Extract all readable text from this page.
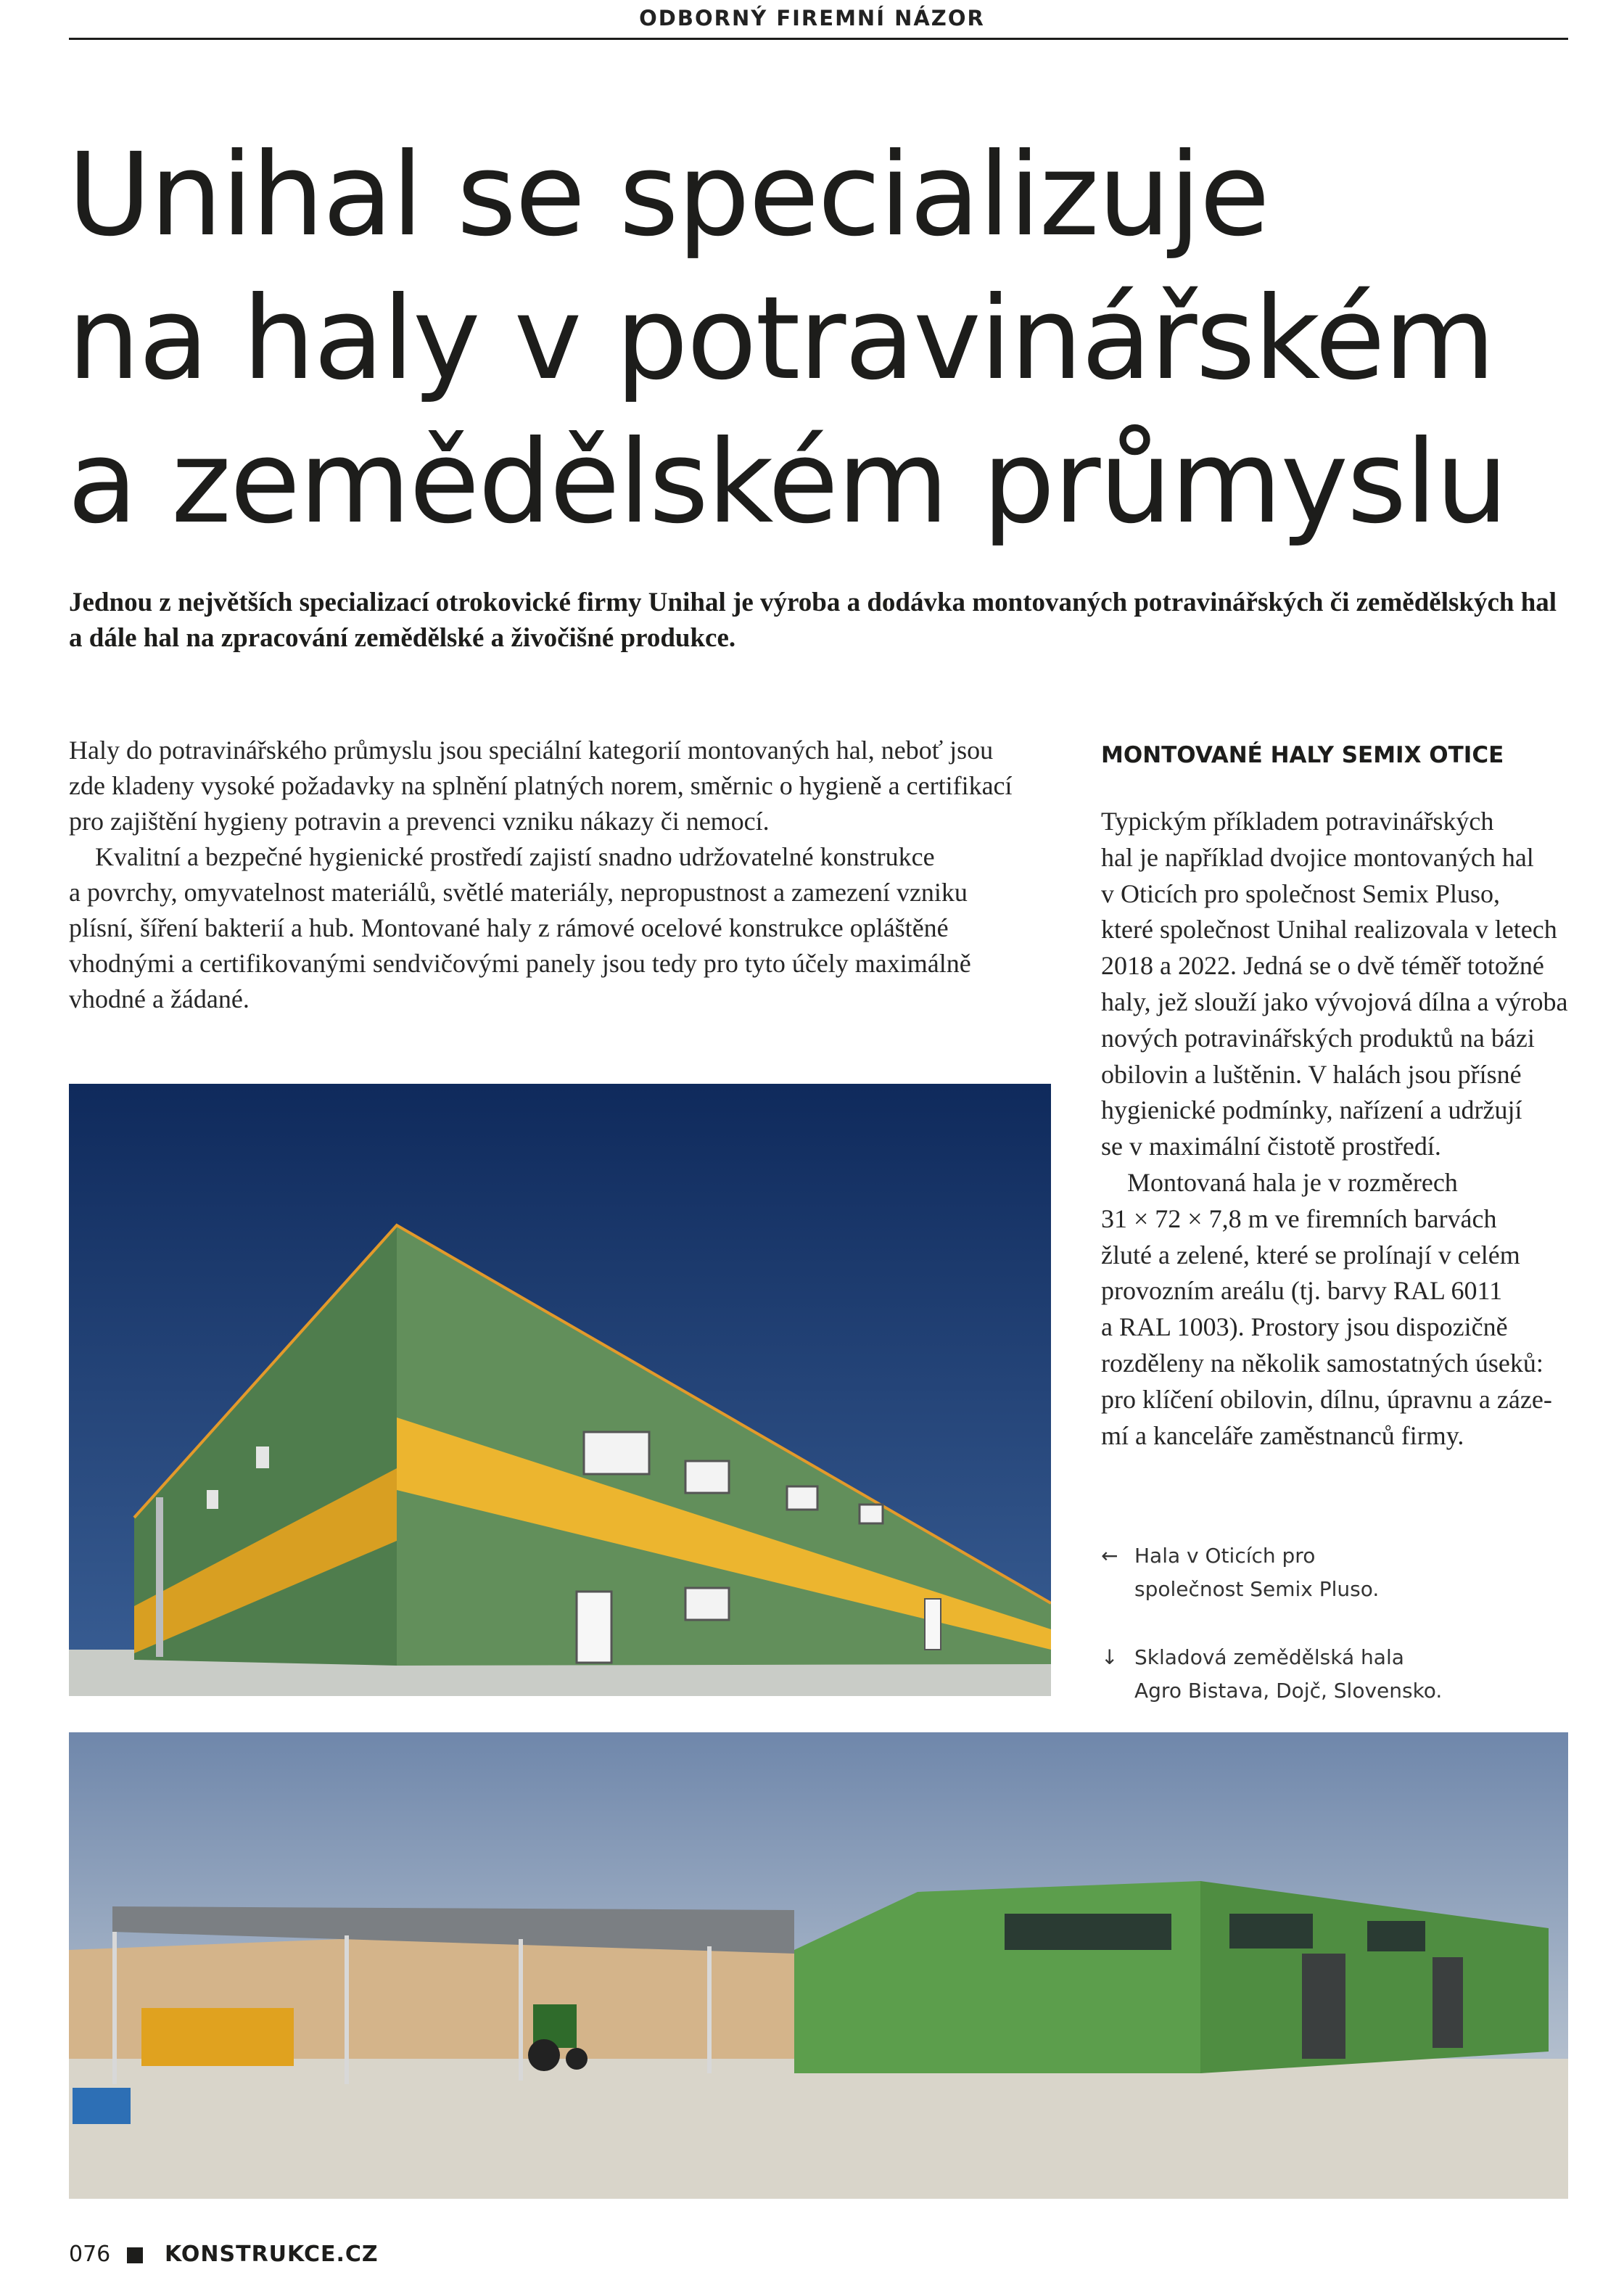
ODBORNÝ FIREMNÍ NÁZOR
Unihal se specializuje
na haly v potravinářském
a zemědělském průmyslu

Jednou z největších specializací otrokovické firmy Unihal je výroba a dodávka montovaných potravinářských či zemědělských hal
a dále hal na zpracování zemědělské a živočišné produkce.

Haly do potravinářského průmyslu jsou speciální kategorií montovaných hal, neboť jsou
zde kladeny vysoké požadavky na splnění platných norem, směrnic o hygieně a certifikací
pro zajištění hygieny potravin a prevenci vzniku nákazy či nemocí.
Kvalitní a bezpečné hygienické prostředí zajistí snadno udržovatelné konstrukce
a povrchy, omyvatelnost materiálů, světlé materiály, nepropustnost a zamezení vzniku
plísní, šíření bakterií a hub. Montované haly z rámové ocelové konstrukce opláštěné
vhodnými a certifikovanými sendvičovými panely jsou tedy pro tyto účely maximálně
vhodné a žádané.
MONTOVANÉ HALY SEMIX OTICE
Typickým příkladem potravinářských
hal je například dvojice montovaných hal
v Oticích pro společnost Semix Pluso,
které společnost Unihal realizovala v letech
2018 a 2022. Jedná se o dvě téměř totožné
haly, jež slouží jako vývojová dílna a výroba
nových potravinářských produktů na bázi
obilovin a luštěnin. V halách jsou přísné
hygienické podmínky, nařízení a udržují
se v maximální čistotě prostředí.
Montovaná hala je v rozměrech
31 × 72 × 7,8 m ve firemních barvách
žluté a zelené, které se prolínají v celém
provozním areálu (tj. barvy RAL 6011
a RAL 1003). Prostory jsou dispozičně
rozděleny na několik samostatných úseků:
pro klíčení obilovin, dílnu, úpravnu a záze-
mí a kanceláře zaměstnanců firmy.
← Hala v Oticích pro
společnost Semix Pluso.
↓ Skladová zemědělská hala
Agro Bistava, Dojč, Slovensko.
076 KONSTRUKCE.CZ
